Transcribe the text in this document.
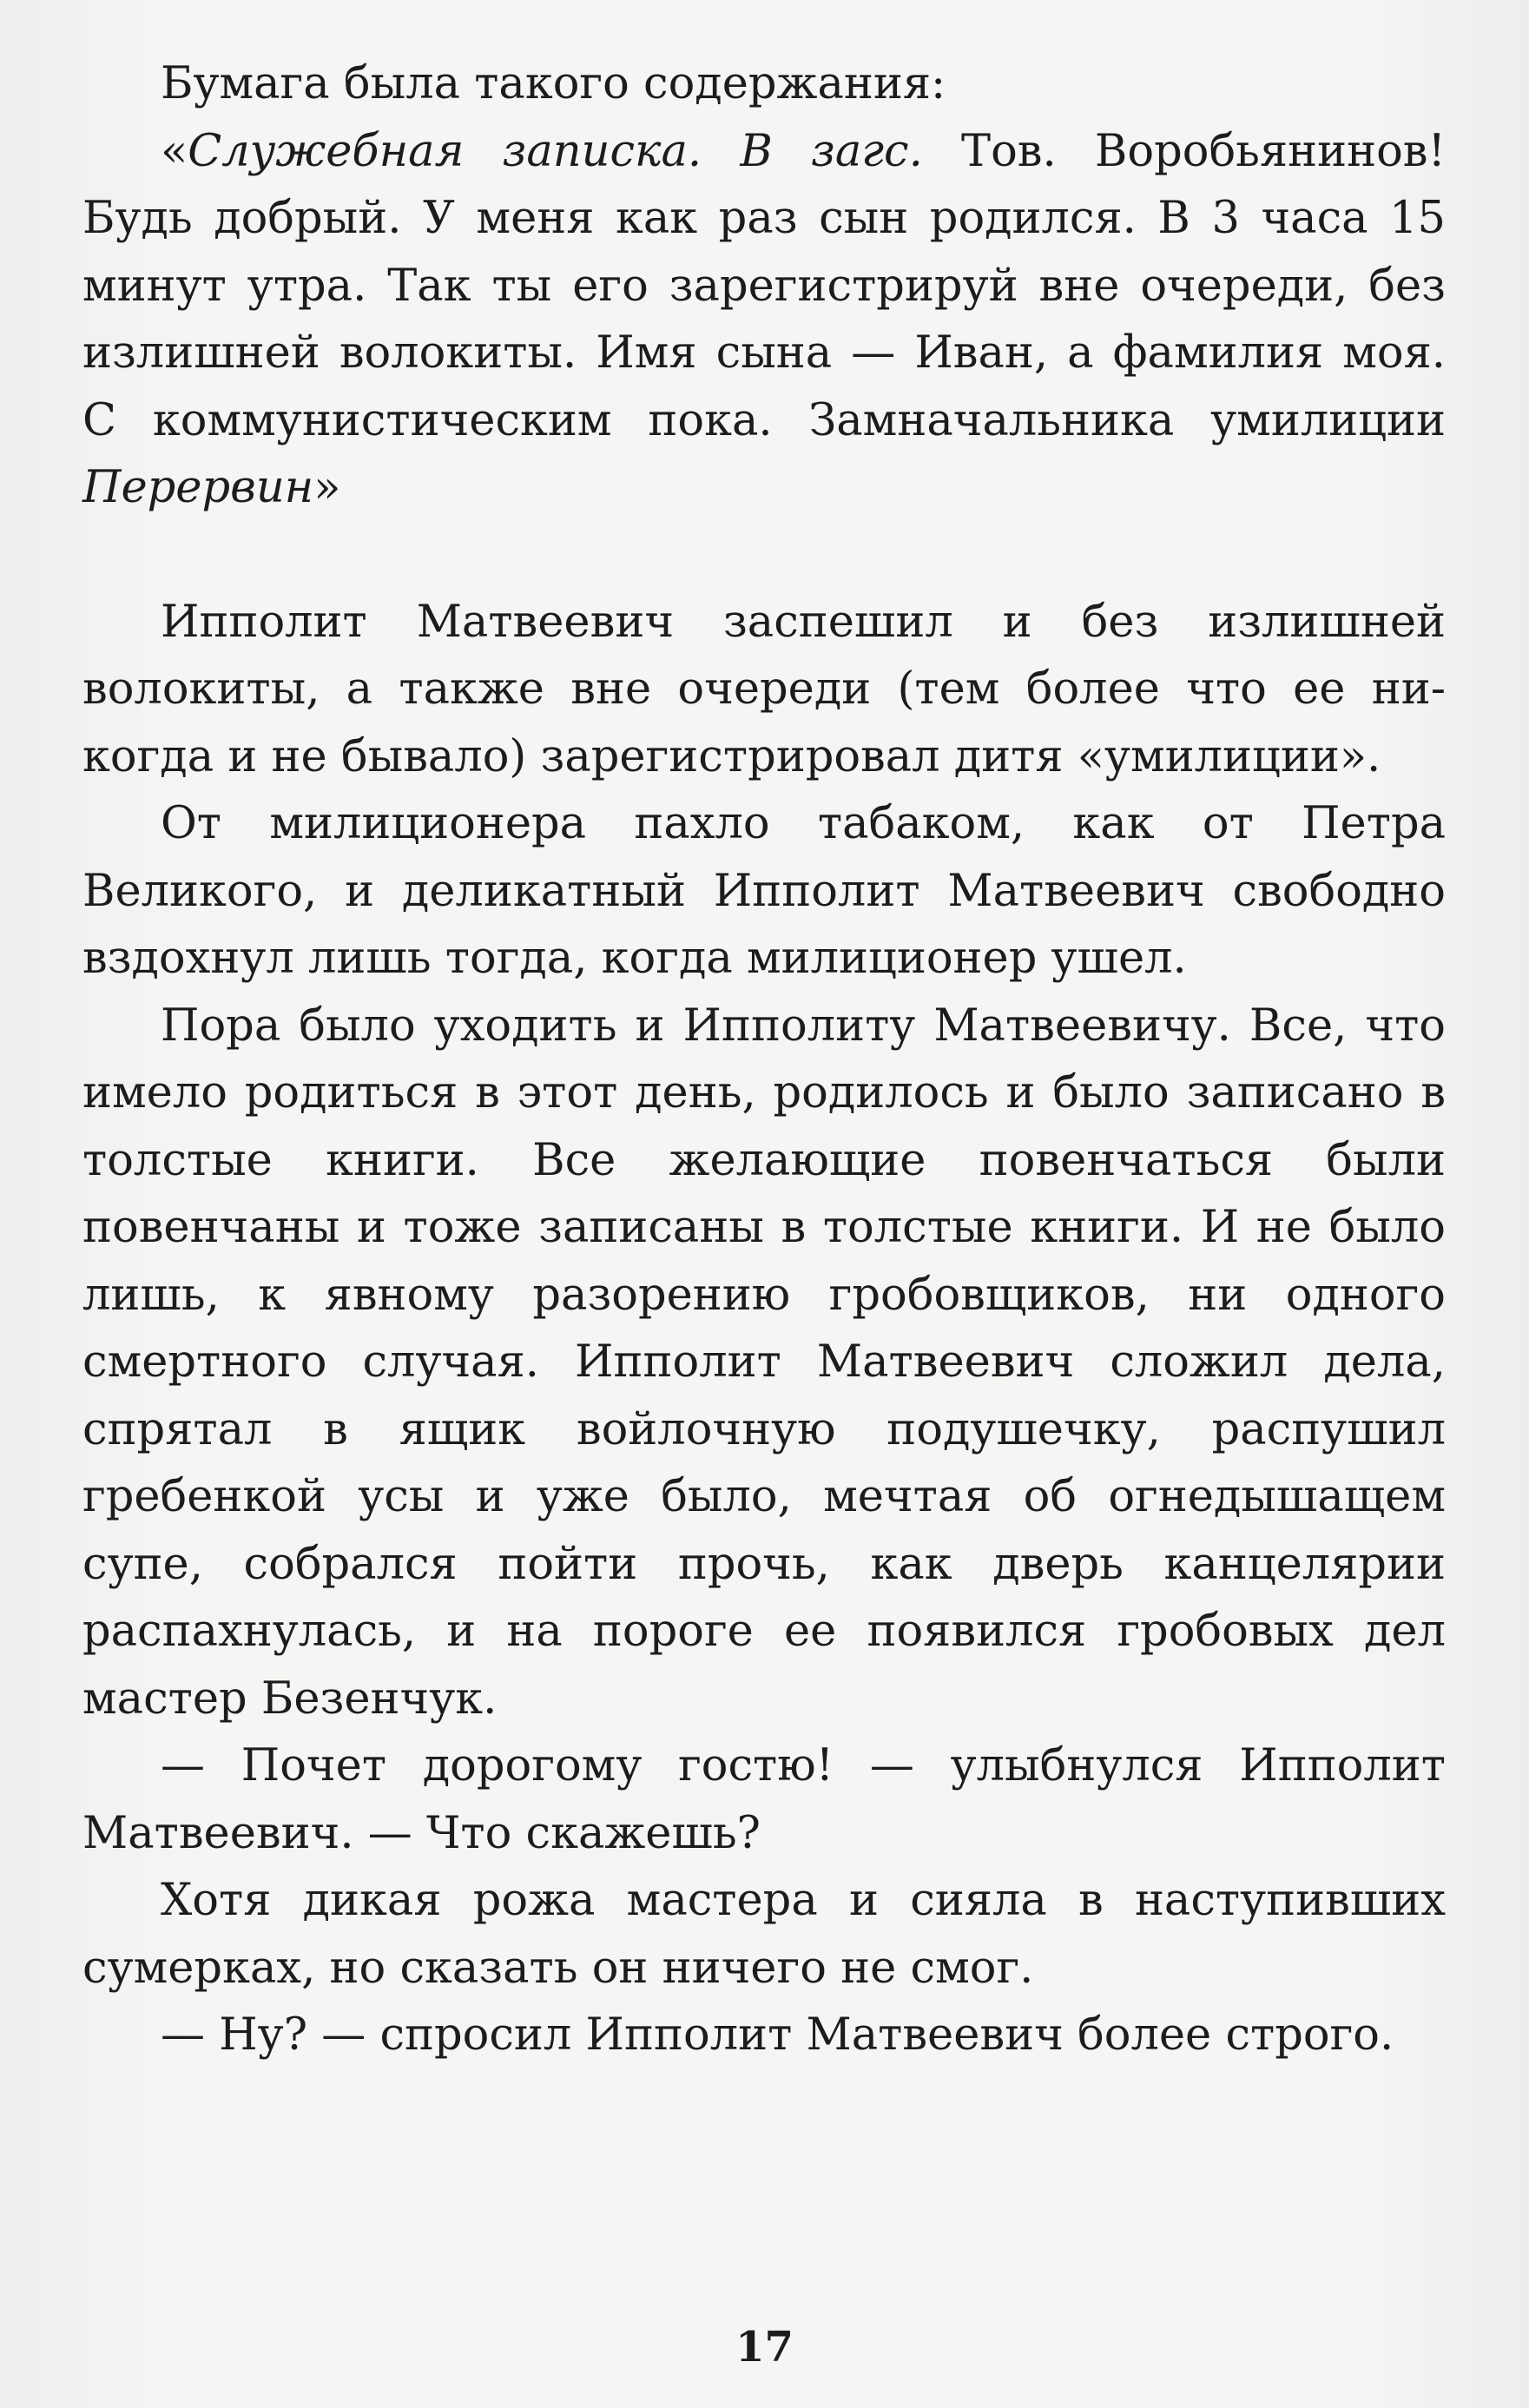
Бумага была такого содержания:

«Служебная записка. В загс. Тов. Воробьянинов! Будь добрый. У меня как раз сын родился. В 3 часа 15 минут утра. Так ты его зарегистрируй вне очереди, без излишней волокиты. Имя сына — Иван, а фамилия моя. С коммунистическим пока. Замначальника умилиции Перервин»

Ипполит Матвеевич заспешил и без излишней волокиты, а также вне очереди (тем более что ее никогда и не бывало) зарегистрировал дитя «умилиции».

От милиционера пахло табаком, как от Петра Великого, и деликатный Ипполит Матвеевич свободно вздохнул лишь тогда, когда милиционер ушел.

Пора было уходить и Ипполиту Матвеевичу. Все, что имело родиться в этот день, родилось и было записано в толстые книги. Все желающие повенчаться были повенчаны и тоже записаны в толстые книги. И не было лишь, к явному разорению гробовщиков, ни одного смертного случая. Ипполит Матвеевич сложил дела, спрятал в ящик войлочную подушечку, распушил гребенкой усы и уже было, мечтая об огнедышащем супе, собрался пойти прочь, как дверь канцелярии распахнулась, и на пороге ее появился гробовых дел мастер Безенчук.

— Почет дорогому гостю! — улыбнулся Ипполит Матвеевич. — Что скажешь?

Хотя дикая рожа мастера и сияла в наступивших сумерках, но сказать он ничего не смог.

— Ну? — спросил Ипполит Матвеевич более строго.

17
